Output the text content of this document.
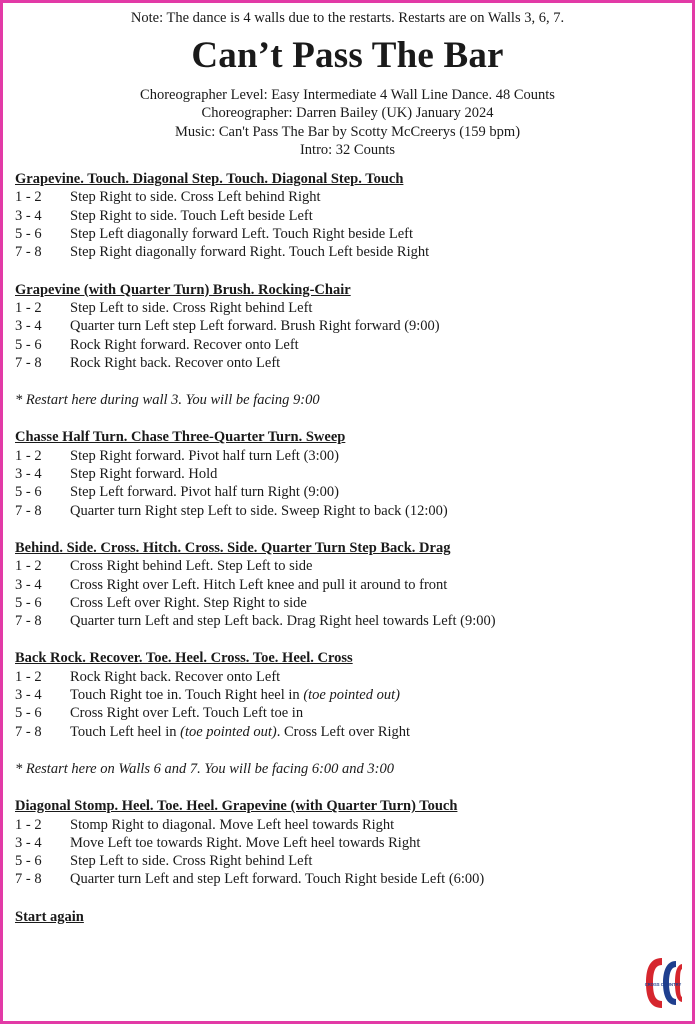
Note: The dance is 4 walls due to the restarts. Restarts are on Walls 3, 6, 7.

Can’t Pass The Bar

Choreographer Level: Easy Intermediate 4 Wall Line Dance. 48 Counts

Choreographer: Darren Bailey (UK) January 2024

Music: Can't Pass The Bar by Scotty McCreerys (159 bpm)

Intro: 32 Counts

Grapevine. Touch. Diagonal Step. Touch. Diagonal Step. Touch

1 - 2	Step Right to side. Cross Left behind Right
3 - 4	Step Right to side. Touch Left beside Left
5 - 6	Step Left diagonally forward Left. Touch Right beside Left
7 - 8	Step Right diagonally forward Right. Touch Left beside Right

Grapevine (with Quarter Turn) Brush. Rocking-Chair

1 - 2	Step Left to side. Cross Right behind Left
3 - 4	Quarter turn Left step Left forward. Brush Right forward (9:00)
5 - 6	Rock Right forward. Recover onto Left
7 - 8	Rock Right back. Recover onto Left

* Restart here during wall 3. You will be facing 9:00

Chasse Half Turn. Chase Three-Quarter Turn. Sweep

1 - 2	Step Right forward. Pivot half turn Left (3:00)
3 - 4	Step Right forward. Hold
5 - 6	Step Left forward. Pivot half turn Right (9:00)
7 - 8	Quarter turn Right step Left to side. Sweep Right to back (12:00)

Behind. Side. Cross. Hitch. Cross. Side. Quarter Turn Step Back. Drag

1 - 2	Cross Right behind Left. Step Left to side
3 - 4	Cross Right over Left. Hitch Left knee and pull it around to front
5 - 6	Cross Left over Right. Step Right to side
7 - 8	Quarter turn Left and step Left back. Drag Right heel towards Left (9:00)

Back Rock. Recover. Toe. Heel. Cross. Toe. Heel. Cross

1 - 2	Rock Right back. Recover onto Left
3 - 4	Touch Right toe in. Touch Right heel in (toe pointed out)
5 - 6	Cross Right over Left. Touch Left toe in
7 - 8	Touch Left heel in (toe pointed out). Cross Left over Right

* Restart here on Walls 6 and 7. You will be facing 6:00 and 3:00

Diagonal Stomp. Heel. Toe. Heel. Grapevine (with Quarter Turn) Touch

1 - 2	Stomp Right to diagonal. Move Left heel towards Right
3 - 4	Move Left toe towards Right. Move Left heel towards Right
5 - 6	Step Left to side. Cross Right behind Left
7 - 8	Quarter turn Left and step Left forward. Touch Right beside Left (6:00)

Start again

CROSS COUNTRY
